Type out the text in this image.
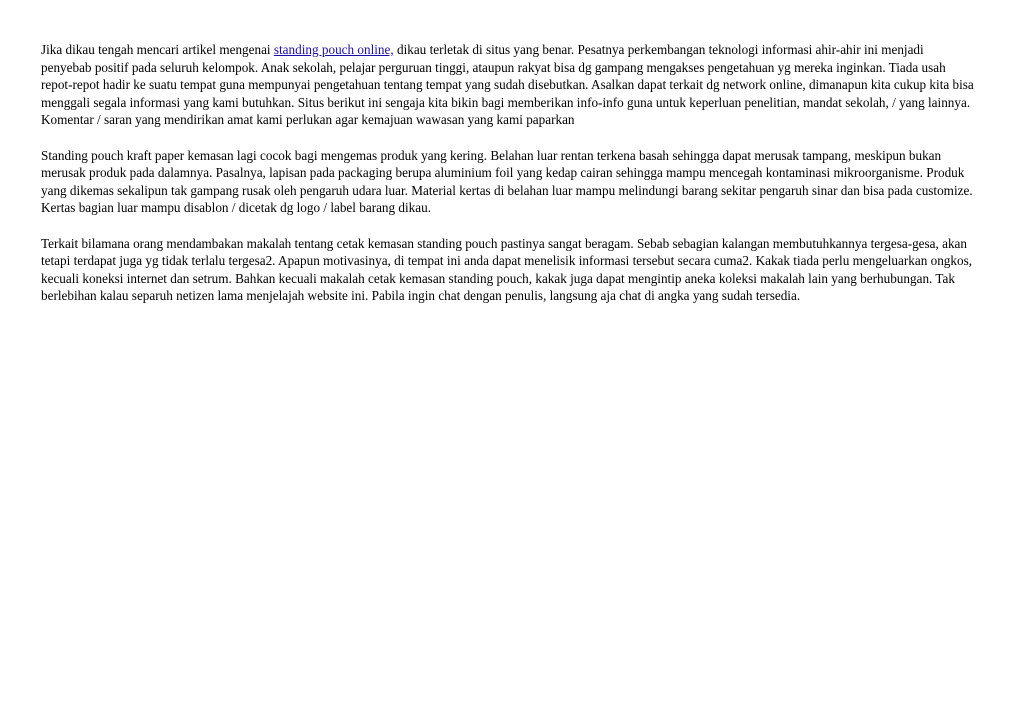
Jika dikau tengah mencari artikel mengenai standing pouch online, dikau terletak di situs yang benar. Pesatnya perkembangan teknologi informasi ahir-ahir ini menjadi penyebab positif pada seluruh kelompok. Anak sekolah, pelajar perguruan tinggi, ataupun rakyat bisa dg gampang mengakses pengetahuan yg mereka inginkan. Tiada usah repot-repot hadir ke suatu tempat guna mempunyai pengetahuan tentang tempat yang sudah disebutkan. Asalkan dapat terkait dg network online, dimanapun kita cukup kita bisa menggali segala informasi yang kami butuhkan. Situs berikut ini sengaja kita bikin bagi memberikan info-info guna untuk keperluan penelitian, mandat sekolah, / yang lainnya. Komentar / saran yang mendirikan amat kami perlukan agar kemajuan wawasan yang kami paparkan

Standing pouch kraft paper kemasan lagi cocok bagi mengemas produk yang kering. Belahan luar rentan terkena basah sehingga dapat merusak tampang, meskipun bukan merusak produk pada dalamnya. Pasalnya, lapisan pada packaging berupa aluminium foil yang kedap cairan sehingga mampu mencegah kontaminasi mikroorganisme. Produk yang dikemas sekalipun tak gampang rusak oleh pengaruh udara luar. Material kertas di belahan luar mampu melindungi barang sekitar pengaruh sinar dan bisa pada customize. Kertas bagian luar mampu disablon / dicetak dg logo / label barang dikau.

Terkait bilamana orang mendambakan makalah tentang cetak kemasan standing pouch pastinya sangat beragam. Sebab sebagian kalangan membutuhkannya tergesa-gesa, akan tetapi terdapat juga yg tidak terlalu tergesa2. Apapun motivasinya, di tempat ini anda dapat menelisik informasi tersebut secara cuma2. Kakak tiada perlu mengeluarkan ongkos, kecuali koneksi internet dan setrum. Bahkan kecuali makalah cetak kemasan standing pouch, kakak juga dapat mengintip aneka koleksi makalah lain yang berhubungan. Tak berlebihan kalau separuh netizen lama menjelajah website ini. Pabila ingin chat dengan penulis, langsung aja chat di angka yang sudah tersedia.
